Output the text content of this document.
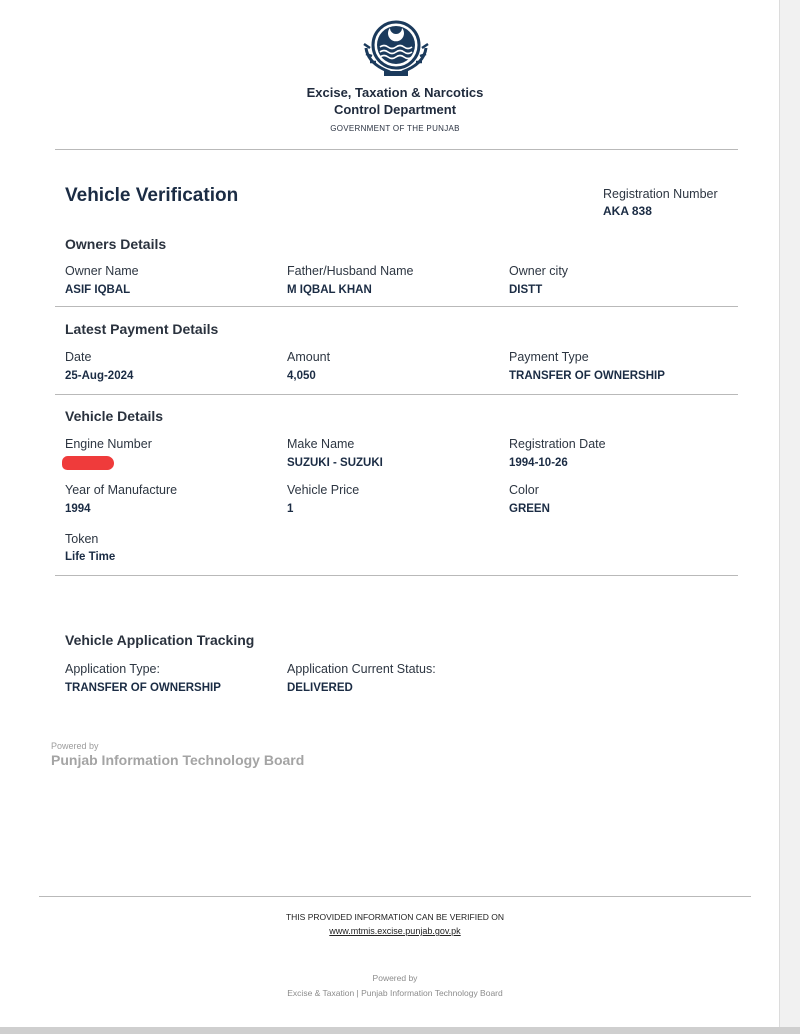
Excise, Taxation & Narcotics
Control Department
GOVERNMENT OF THE PUNJAB
Vehicle Verification	Registration Number
AKA 838
Owners Details
Owner Name
ASIF IQBAL
Father/Husband Name
M IQBAL KHAN
Owner city
DISTT
Latest Payment Details
Date
25-Aug-2024
Amount
4,050
Payment Type
TRANSFER OF OWNERSHIP
Vehicle Details
Engine Number	Make Name
SUZUKI - SUZUKI
Registration Date
1994-10-26
Year of Manufacture
1994
Vehicle Price
1
Color
GREEN
Token
Life Time
Vehicle Application Tracking
Application Type:
TRANSFER OF OWNERSHIP
Application Current Status:
DELIVERED
Powered by
Punjab Information Technology Board
THIS PROVIDED INFORMATION CAN BE VERIFIED ON
www.mtmis.excise.punjab.gov.pk
Powered by
Excise & Taxation | Punjab Information Technology Board
